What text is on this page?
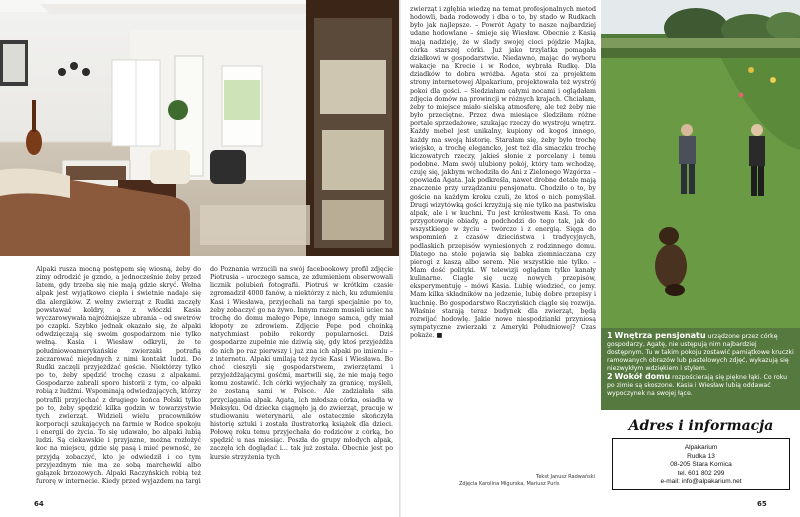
Alpaki rusza mocną postępem się wiosną, żeby do zimy odrodzić je gzndo, a jednocześnie żeby przed latem, gdy trzeba się nie mają gdzie skryć. Wełna alpak jest wyjątkowo ciepła i świetnie nadaje się dla alergików. Z wełny zwierząt z Rudki zaczęły powstawać koldry, a z włóczki Kasia wyczarowywała najróżniejsze ubrania – od swetrów po czapki. Szybko jednak okazało się, że alpaki odwdzięczają się swoim gospodarzom nie tylko wełną. Kasia i Wiesław odkryli, że te południowoamerykańskie zwierzaki potrafią zaczarować niejednych z nimi kontakt ludzi. Do Rudki zaczęli przyjeżdżać goście. Niektórzy tylko po to, żeby spędzić trochę czasu z alpakami. Gospodarze zabrali sporo historii z tym, co alpaki robią z ludźmi. Wspominają odwiedzających, którzy potrafili przyjechać z drugiego końca Polski tylko po to, żeby spędzić kilka godzin w towarzystwie tych zwierząt. Widzieli wielu pracowników korporacji szukających na farmie w Rodce spokoju i energii do życia. To się udawało, bo alpaki lubią ludzi. Są ciekawskie i przyjazne, można rozłożyć koc na miejscu, gdzie się pasą i mieć pewność, że przyjdą zobaczyć, kto je odwiedził i co tym przyjezdnym nie ma ze sobą marchewki albo gałązek brzozowych. Alpaki Raczyńskich robią też furorę w internecie. Kiedy przed wyjazdem na targi

do Poznania wrzucili na swój facebookowy profil zdjęcie Piotrusia – uroczego samca, ze zdumieniem obserwowali licznik polubień fotografii. Piotruś w krótkim czasie zgromadził 4000 fanów, a niektórzy z nich, ku zdumieniu Kasi i Wiesława, przyjechali na targi specjalnie po to, żeby zobaczyć go na żywo. Innym razem musieli uciec na trochę do domu małego Pepe, innego samca, gdy miał kłopoty ze zdrowiem. Zdjęcie Pepe pod choinką natychmiast pobiło rekordy popularności. Dziś gospodarze zupełnie nie dziwią się, gdy ktoś przyjeżdża do nich po raz pierwszy i już zna ich alpaki po imieniu – z internetu. Alpaki umilają też życie Kasi i Wiesława. Bo choć cieszyli się gospodarstwem, zwierzętami i przyjeżdżającymi gośćmi, martwili się, że nie mają tego komu zostawić. Ich córki wyjechały za granicę, myśleli, że zostaną sami w Polsce. Ale zadziałała siła przyciągania alpak. Agata, ich młodsza córka, osiadła w Meksyku. Od dziecka ciągnęło ją do zwierząt, pracuje w studiowaniu weterynarii, ale ostatecznie skończyła historię sztuki i została ilustratorką książek dla dzieci. Połowę roku temu przyjechała do rodziców z córką, bo spędzić u nas miesiąc. Poszła do grupy młodych alpak, zaczęła ich doglądać i... tak już została. Obecnie jest po kursie strzyżenia tych

64

zwierząt i zgłębia wiedzę na temat profesjonalnych metod hodowli, bada rodowody i dba o to, by stado w Rudkach było jak najlepsze. – Powrót Agaty to nasze najbardziej udane hodowlane – śmieje się Wiesław. Obecnie z Kasią mają nadzieję, że w ślady swojej cioci pójdzie Majka, córka starszej córki. Już jako trzylatka pomagała działkowi w gospodarstwie. Niedawno, mając do wyboru wakacje na Krecie i w Rodce, wybrała Rudkę. Dla dziadków to dobra wróżba. Agata stoi za projektem strony internetowej Alpakarium, projektowała też wystrój pokoi dla gości. – Siedziałam całymi nocami i oglądałam zdjęcia domów na prowincji w różnych krajach. Chciałam, żeby to miejsce miało sielską atmosferę, ale też żeby nie było przeciętne. Przez dwa miesiące śledziłam różne portale sprzedażowe, szukając rzeczy do wystroju wnętrz. Każdy mebel jest unikalny, kupiony od kogoś innego, każdy ma swoją historię. Starałam się, żeby było trochę wiejsko, a trochę elegancko, jest też dla smaczku trochę kiczowatych rzeczy, jakieś słonie z porcelany i temu podobne. Mam swój ulubiony pokój, który tam wchodzę, czuję się, jakbym wchodziła do Ani z Zielonego Wzgórza – opowiada Agata. Jak podkreśla, nawet drobne detale mają znaczenie przy urządzaniu pensjonatu. Chodziło o to, by goście na każdym kroku czuli, że ktoś o nich pomyślał. Drugi wizytówką gości krzyżują się nie tylko na pastwisku alpak, ale i w kuchni. Tu jest królestwem Kasi. To ona przygotowuje obiady, a podchodzi do tego tak, jak do wszystkiego w życiu – twórczo i z energią. Sięga do wspomnień z czasów dzieciństwa i tradycyjnych, podlaskich przepisów wyniesionych z rodzinnego domu. Dlatego na stole pojawia się babka ziemniaczana czy pierogi z kaszą albo serem. Nie wszystkie nie tylko. – Mam dość polityki. W telewizji oglądam tylko kanały kulinarne. Ciągle się uczę nowych przepisów, eksperymentuję – mówi Kasia. Lubię wiedzieć, co jemy. Mam kilka składników na jedzenie, lubię dobre przepisy i kuchnię. Bo gospodarstwo Raczyńskich ciągle się rozwija. Właśnie starają teraz budynek dla zwierząt, będą rozwijać hodowlę. Jakie nowe niespodzianki przyniosą sympatyczne zwierzaki z Ameryki Południowej? Czas pokaże. ■

Tekst Janusz Radwański
Zdjęcia Karolina Migurska, Mariusz Purls

1 Wnętrza pensjonatu urządzone przez córkę gospodarzy, Agatę, nie ustępują nim najbardziej dostępnym. Tu w takim pokoju zostawić pamiątkowe kruczki ramowanych obrazów lub pastelowych zdjęć, wykazują się niezwykłym wdziękiem i stylem.

2 Wokół domu rozpościerają się piękne łąki. Co roku po zimie są skoszone. Kasia i Wiesław lubią oddawać wypoczynek na swojej łące.

Adres i informacja
Alpakarium
Rudka 13
08-205 Stara Kornica
tel. 601 802 299
e-mail: info@alpakarium.net
65
